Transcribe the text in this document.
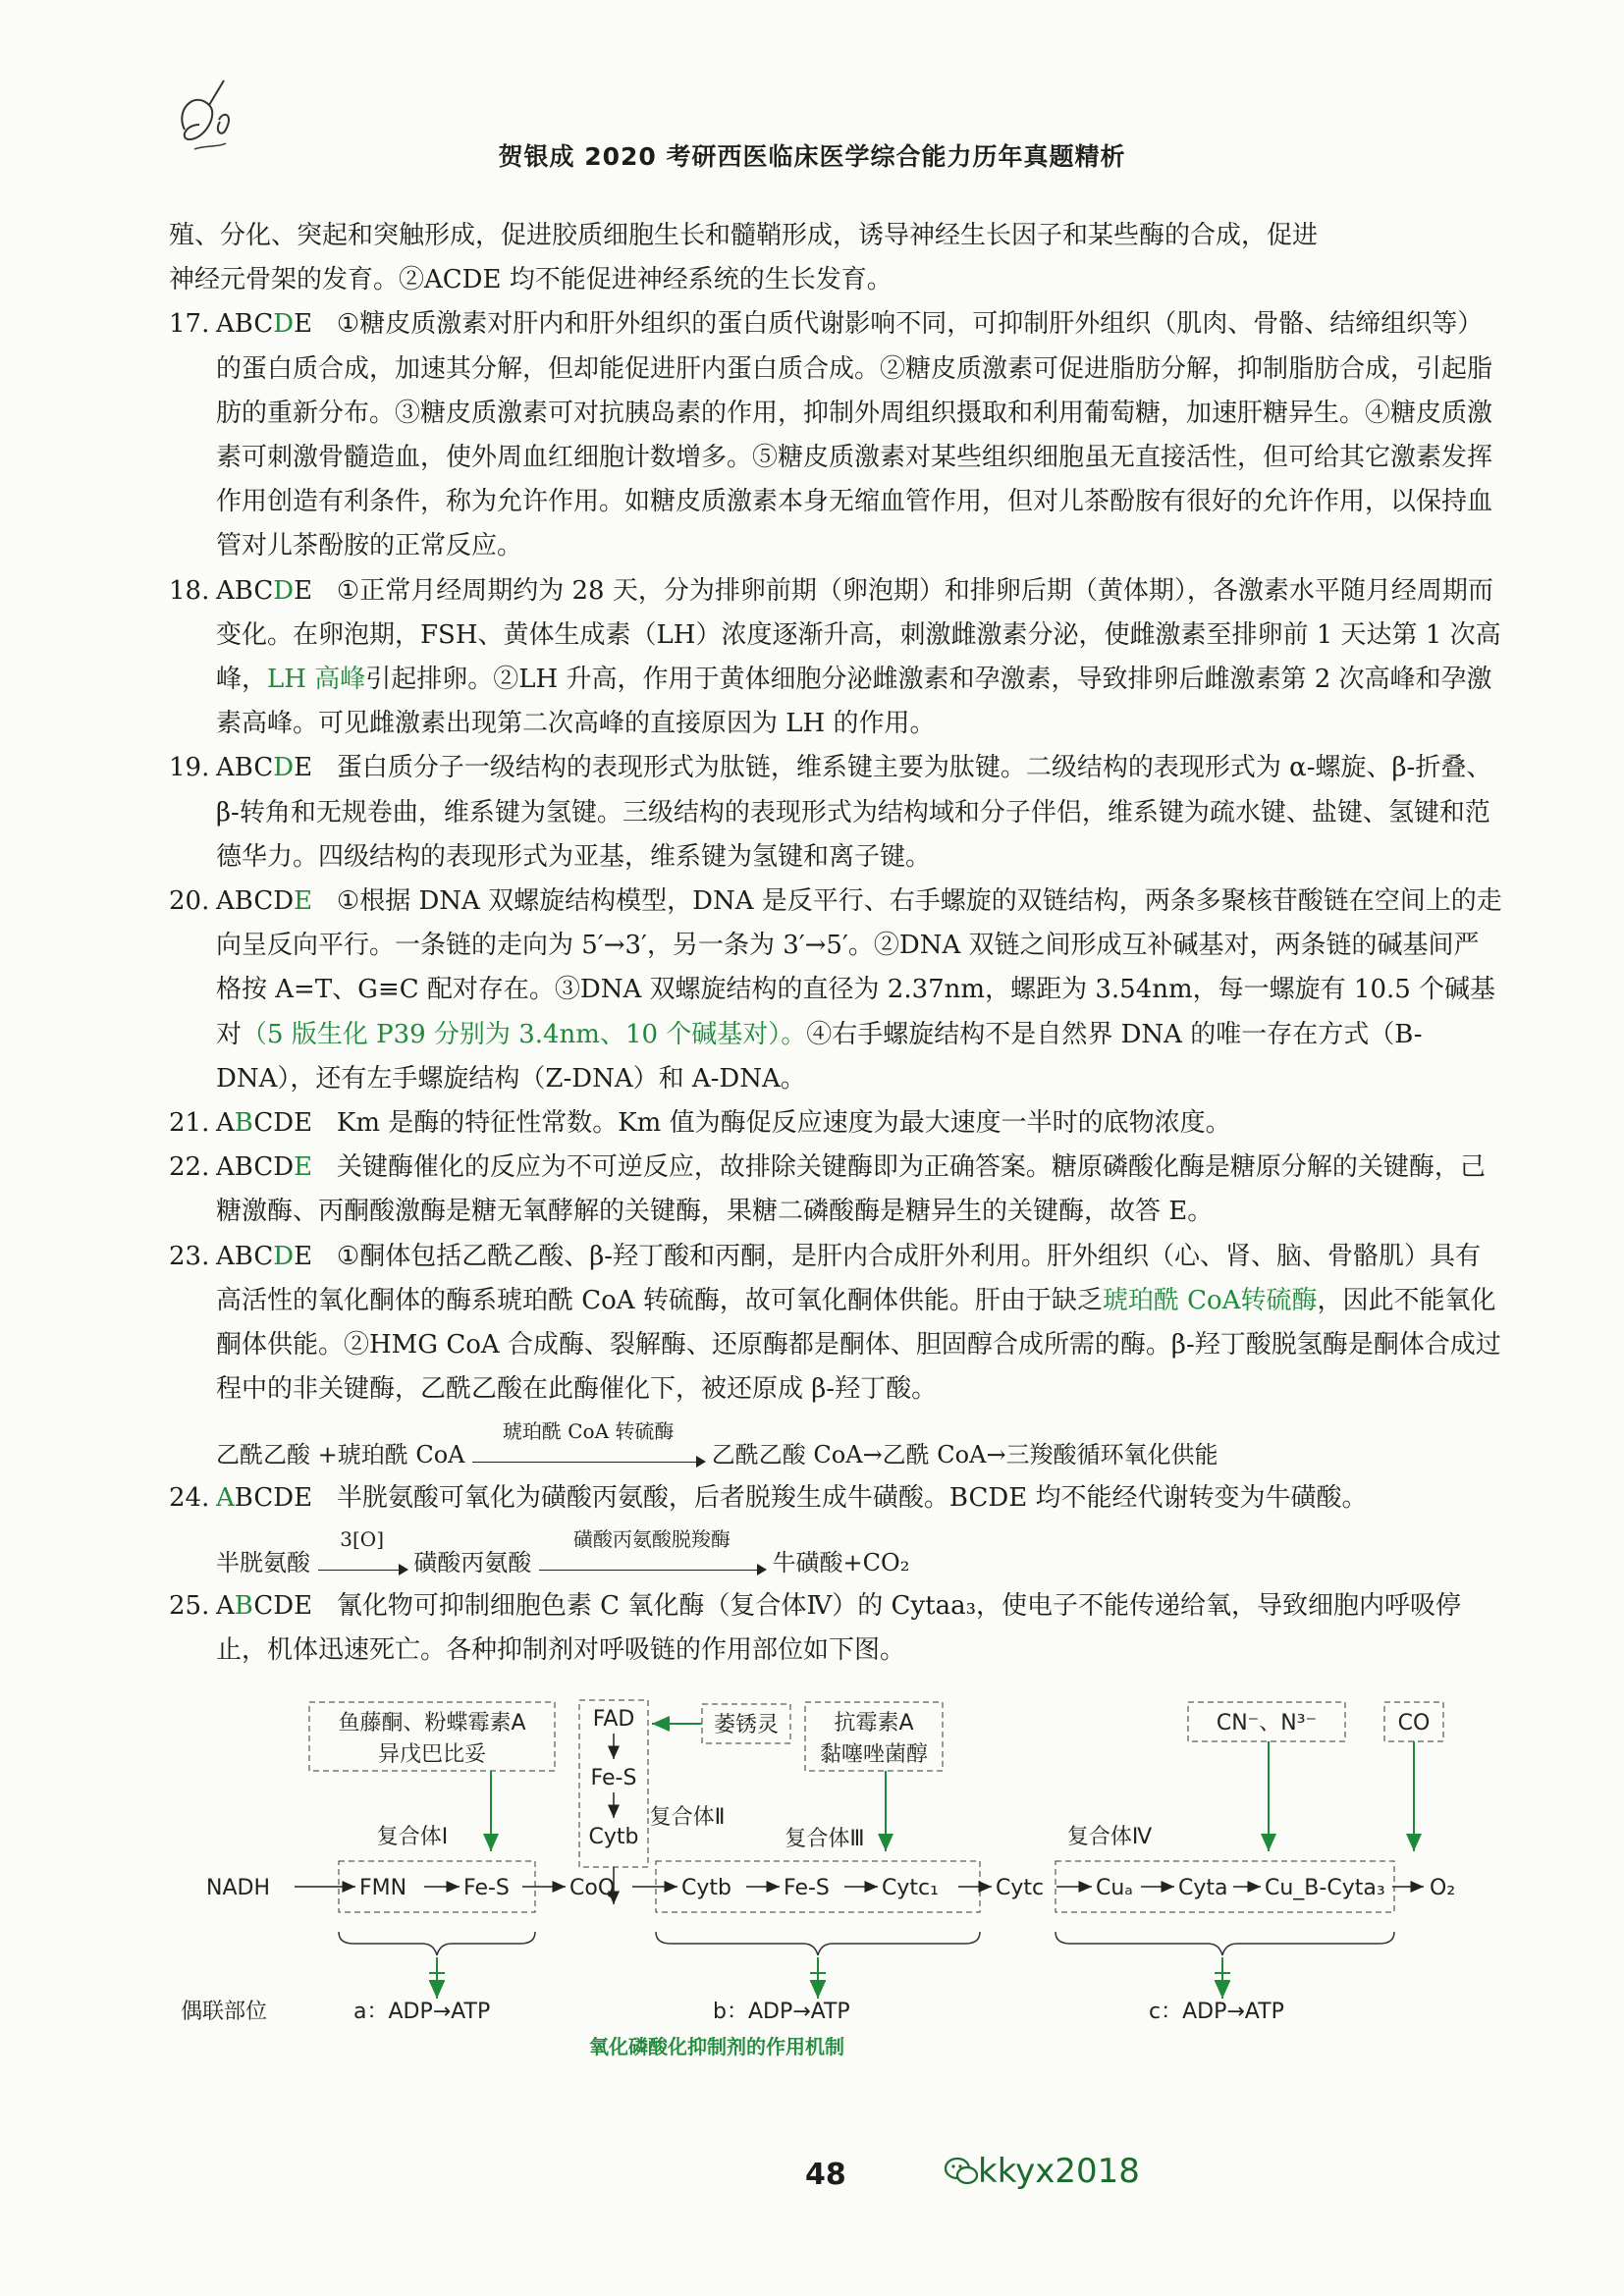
贺银成 2020 考研西医临床医学综合能力历年真题精析

殖、分化、突起和突触形成，促进胶质细胞生长和髓鞘形成，诱导神经生长因子和某些酶的合成，促进

神经元骨架的发育。②ACDE 均不能促进神经系统的生长发育。

17. ABCDE ①糖皮质激素对肝内和肝外组织的蛋白质代谢影响不同，可抑制肝外组织（肌肉、骨骼、结缔组织等）的蛋白质合成，加速其分解，但却能促进肝内蛋白质合成。②糖皮质激素可促进脂肪分解，抑制脂肪合成，引起脂肪的重新分布。③糖皮质激素可对抗胰岛素的作用，抑制外周组织摄取和利用葡萄糖，加速肝糖异生。④糖皮质激素可刺激骨髓造血，使外周血红细胞计数增多。⑤糖皮质激素对某些组织细胞虽无直接活性，但可给其它激素发挥作用创造有利条件，称为允许作用。如糖皮质激素本身无缩血管作用，但对儿茶酚胺有很好的允许作用，以保持血管对儿茶酚胺的正常反应。
18. ABCDE ①正常月经周期约为 28 天，分为排卵前期（卵泡期）和排卵后期（黄体期），各激素水平随月经周期而变化。在卵泡期，FSH、黄体生成素（LH）浓度逐渐升高，刺激雌激素分泌，使雌激素至排卵前 1 天达第 1 次高峰，LH 高峰引起排卵。②LH 升高，作用于黄体细胞分泌雌激素和孕激素，导致排卵后雌激素第 2 次高峰和孕激素高峰。可见雌激素出现第二次高峰的直接原因为 LH 的作用。
19. ABCDE 蛋白质分子一级结构的表现形式为肽链，维系键主要为肽键。二级结构的表现形式为 α-螺旋、β-折叠、β-转角和无规卷曲，维系键为氢键。三级结构的表现形式为结构域和分子伴侣，维系键为疏水键、盐键、氢键和范德华力。四级结构的表现形式为亚基，维系键为氢键和离子键。
20. ABCDE ①根据 DNA 双螺旋结构模型，DNA 是反平行、右手螺旋的双链结构，两条多聚核苷酸链在空间上的走向呈反向平行。一条链的走向为 5′→3′，另一条为 3′→5′。②DNA 双链之间形成互补碱基对，两条链的碱基间严格按 A=T、G≡C 配对存在。③DNA 双螺旋结构的直径为 2.37nm，螺距为 3.54nm，每一螺旋有 10.5 个碱基对（5 版生化 P39 分别为 3.4nm、10 个碱基对）。④右手螺旋结构不是自然界 DNA 的唯一存在方式（B-DNA），还有左手螺旋结构（Z-DNA）和 A-DNA。
21. ABCDE Km 是酶的特征性常数。Km 值为酶促反应速度为最大速度一半时的底物浓度。
22. ABCDE 关键酶催化的反应为不可逆反应，故排除关键酶即为正确答案。糖原磷酸化酶是糖原分解的关键酶，己糖激酶、丙酮酸激酶是糖无氧酵解的关键酶，果糖二磷酸酶是糖异生的关键酶，故答 E。
23. ABCDE ①酮体包括乙酰乙酸、β-羟丁酸和丙酮，是肝内合成肝外利用。肝外组织（心、肾、脑、骨骼肌）具有高活性的氧化酮体的酶系琥珀酰 CoA 转硫酶，故可氧化酮体供能。肝由于缺乏琥珀酰 CoA转硫酶，因此不能氧化酮体供能。②HMG CoA 合成酶、裂解酶、还原酶都是酮体、胆固醇合成所需的酶。β-羟丁酸脱氢酶是酮体合成过程中的非关键酶，乙酰乙酸在此酶催化下，被还原成 β-羟丁酸。
乙酰乙酸 +琥珀酰 CoA
琥珀酰 CoA 转硫酶
乙酰乙酸 CoA→乙酰 CoA→三羧酸循环氧化供能
24. ABCDE 半胱氨酸可氧化为磺酸丙氨酸，后者脱羧生成牛磺酸。BCDE 均不能经代谢转变为牛磺酸。
半胱氨酸
3[O]
磺酸丙氨酸
磺酸丙氨酸脱羧酶
牛磺酸+CO₂
25. ABCDE 氰化物可抑制细胞色素 C 氧化酶（复合体Ⅳ）的 Cytaa₃，使电子不能传递给氧，导致细胞内呼吸停止，机体迅速死亡。各种抑制剂对呼吸链的作用部位如下图。
鱼藤酮、粉蝶霉素A
异戊巴比妥
FAD
Fe-S
Cytb
复合体Ⅱ
萎锈灵	抗霉素A
黏噻唑菌醇
CN⁻、N³⁻	CO
复合体Ⅰ	复合体Ⅲ	复合体Ⅳ
NADH	FMN	Fe-S	CoQ	Cytb Fe-S Cytc₁	Cytc Cuₐ Cyta Cu_B-Cyta₃ O₂
偶联部位	a：ADP→ATP	b：ADP→ATP	c：ADP→ATP
氧化磷酸化抑制剂的作用机制
48	kkyx2018
